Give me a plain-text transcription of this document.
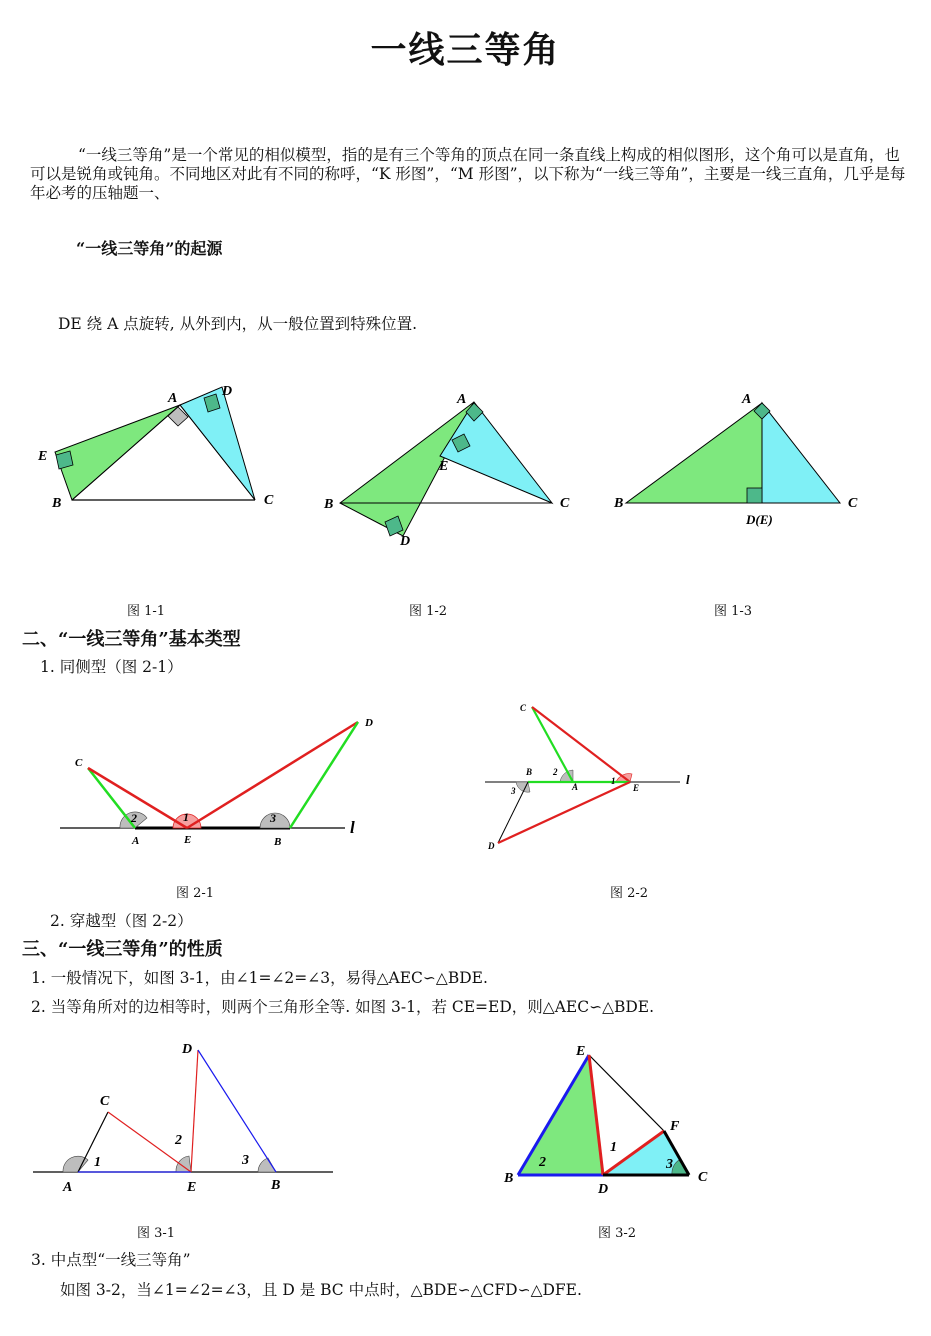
一线三等角
“一线三等角”是一个常见的相似模型，指的是有三个等角的顶点在同一条直线上构成的相似图形，这个角可以是直角，也可以是锐角或钝角。不同地区对此有不同的称呼，“K 形图”，“M 形图”，以下称为“一线三等角”，主要是一线三直角，几乎是每年必考的压轴题一、
“一线三等角”的起源
DE 绕 A 点旋转, 从外到内，从一般位置到特殊位置.
A	D
E
B	C
A
E
B	C
D
A
B	C
D(E)
图 1-1	图 1-2	图 1-3
二、“一线三等角”基本类型
1. 同侧型（图 2-1）
C
D
A	E	B
l
1
2	3
C
B
A	E
D
l
1
2
3
图 2-1	图 2-2
2. 穿越型（图 2-2）
三、“一线三等角”的性质
1. 一般情况下，如图 3-1，由∠1=∠2=∠3，易得△AEC∽△BDE.
2. 当等角所对的边相等时，则两个三角形全等. 如图 3-1，若 CE=ED，则△AEC∽△BDE.
C
D
A	E	B
1
2
3
E
F
B
D
C
1
2	3
图 3-1	图 3-2
3. 中点型“一线三等角”
如图 3-2，当∠1=∠2=∠3，且 D 是 BC 中点时，△BDE∽△CFD∽△DFE.
